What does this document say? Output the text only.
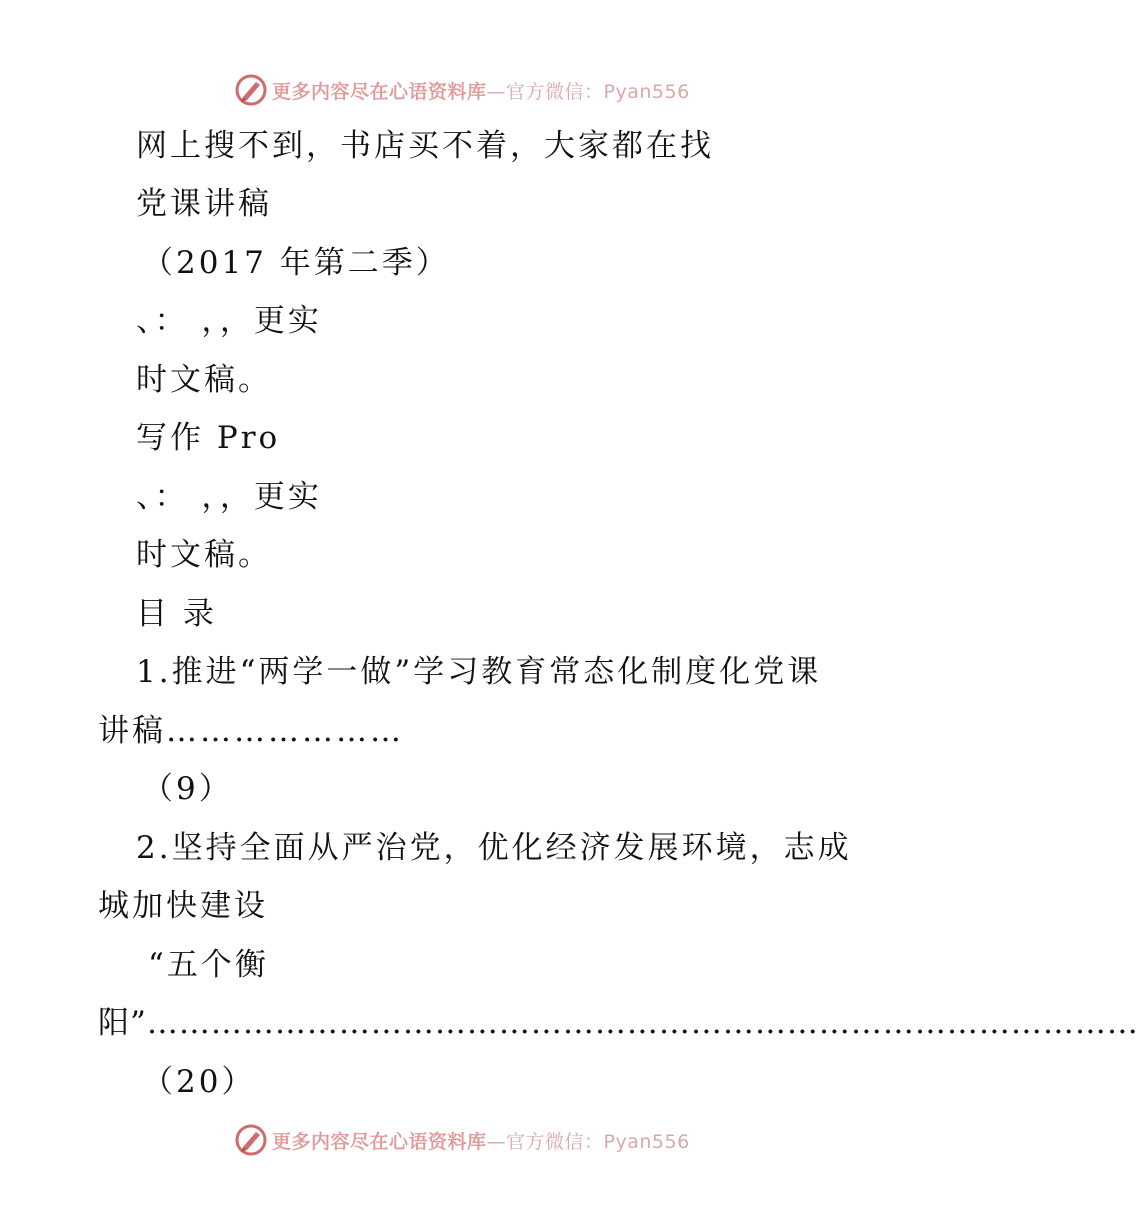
更多内容尽在心语资料库—官方微信：Pyan556
网上搜不到，书店买不着，大家都在找
党课讲稿
（2017 年第二季）
、： ，，更实
时文稿。
写作 Pro
、： ，，更实
时文稿。
目 录
1.推进“两学一做”学习教育常态化制度化党课
讲稿…………………
（9）
2.坚持全面从严治党，优化经济发展环境，志成
城加快建设
“五个衡
阳”…………………………………………………………………………………
（20）
更多内容尽在心语资料库—官方微信：Pyan556
